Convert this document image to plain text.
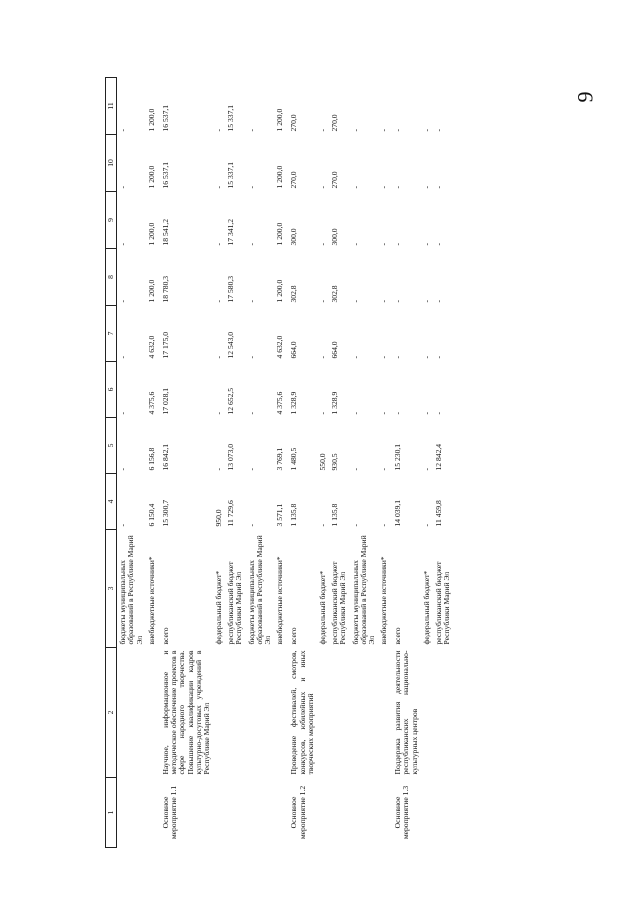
9
1	2	3	4	5	6	7	8	9	10	11
		бюджеты муниципальных образований в Республике Марий Эл	-	-	-	-	-	-	-	-
		внебюджетные источники*	6 150,4	6 156,8	4 375,6	4 632,0	1 200,0	1 200,0	1 200,0	1 200,0
Основное мероприятие 1.1	Научное, информационное и методическое обеспечение проектов в сфере народного творчества. Повышение квалификации кадров культурно-досуговых учреждений в Республике Марий Эл	всего	15 300,7	16 842,1	17 028,1	17 175,0	18 780,3	18 541,2	16 537,1	16 537,1
		федеральный бюджет*	950,0	-	-	-	-	-	-	-
		республиканский бюджет Республики Марий Эл	11 729,6	13 073,0	12 652,5	12 543,0	17 580,3	17 341,2	15 337,1	15 337,1
		бюджеты муниципальных образований в Республике Марий Эл	-	-	-	-	-	-	-	-
		внебюджетные источники*	3 571,1	3 769,1	4 375,6	4 632,0	1 200,0	1 200,0	1 200,0	1 200,0
Основное мероприятие 1.2	Проведение фестивалей, смотров, конкурсов, юбилейных и иных творческих мероприятий	всего	1 135,8	1 480,5	1 328,9	664,0	302,8	300,0	270,0	270,0
		федеральный бюджет*	-	550,0	-	-	-	-	-	-
		республиканский бюджет Республики Марий Эл	1 135,8	930,5	1 328,9	664,0	302,8	300,0	270,0	270,0
		бюджеты муниципальных образований в Республике Марий Эл	-	-	-	-	-	-	-	-
		внебюджетные источники*	-	-	-	-	-	-	-	-
Основное мероприятие 1.3	Поддержка развития деятельности республиканских национально-культурных центров	всего	14 039,1	15 230,1	-	-	-	-	-	-
		федеральный бюджет*	-	-	-	-	-	-	-	-
		республиканский бюджет Республики Марий Эл	11 459,8	12 842,4	-	-	-	-	-	-
